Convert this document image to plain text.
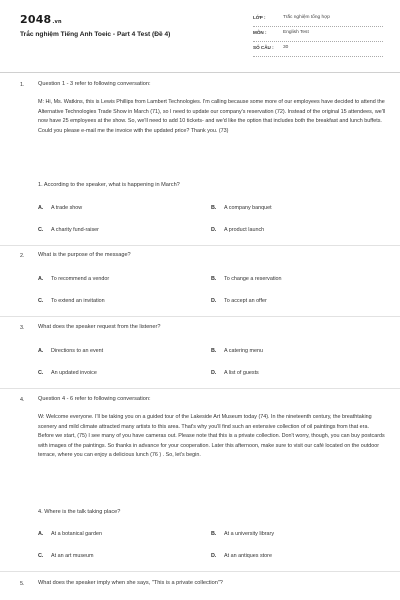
2048.vn
Trắc nghiệm Tiếng Anh Toeic - Part 4 Test (Đề 4)
LỚP :	Trắc nghiệm tổng hợp
MÔN :	English Test
SỐ CÂU : 30
1. Question 1 - 3 refer to following conversation:
M: Hi, Ms. Watkins, this is Lewis Phillips from Lambert Technologies. I'm calling because some more of our employees have decided to attend the Alternative Technologies Trade Show in March (71), so I need to update our company's reservation (72). Instead of the original 15 attendees, we'll now have 25 employees at the show. So, we'll need to add 10 tickets- and we'd like the option that includes both the breakfast and lunch buffets. Could you please e-mail me the invoice with the updated price? Thank you. (73)
1. According to the speaker, what is happening in March?
A. A trade show	B. A company banquet
C. A charity fund-raiser	D. A product launch
2. What is the purpose of the message?
A. To recommend a vendor	B. To change a reservation
C. To extend an invitation	D. To accept an offer
3. What does the speaker request from the listener?
A. Directions to an event	B. A catering menu
C. An updated invoice	D. A list of guests
4. Question 4 - 6 refer to following conversation:
W: Welcome everyone. I'll be taking you on a guided tour of the Lakeside Art Museum today (74). In the nineteenth century, the breathtaking scenery and mild climate attracted many artists to this area. That's why you'll find such an extensive collection of oil paintings from that era. Before we start, (75) I see many of you have cameras out. Please note that this is a private collection. Don't worry, though, you can buy postcards with images of the paintings. So thanks in advance for your cooperation. Later this afternoon, make sure to visit our café located on the outdoor terrace, where you can enjoy a delicious lunch (76 ) . So, let's begin.
4. Where is the talk taking place?
A. At a botanical garden	B. At a university library
C. At an art museum	D. At an antiques store
5. What does the speaker imply when she says, "This is a private collection"?
